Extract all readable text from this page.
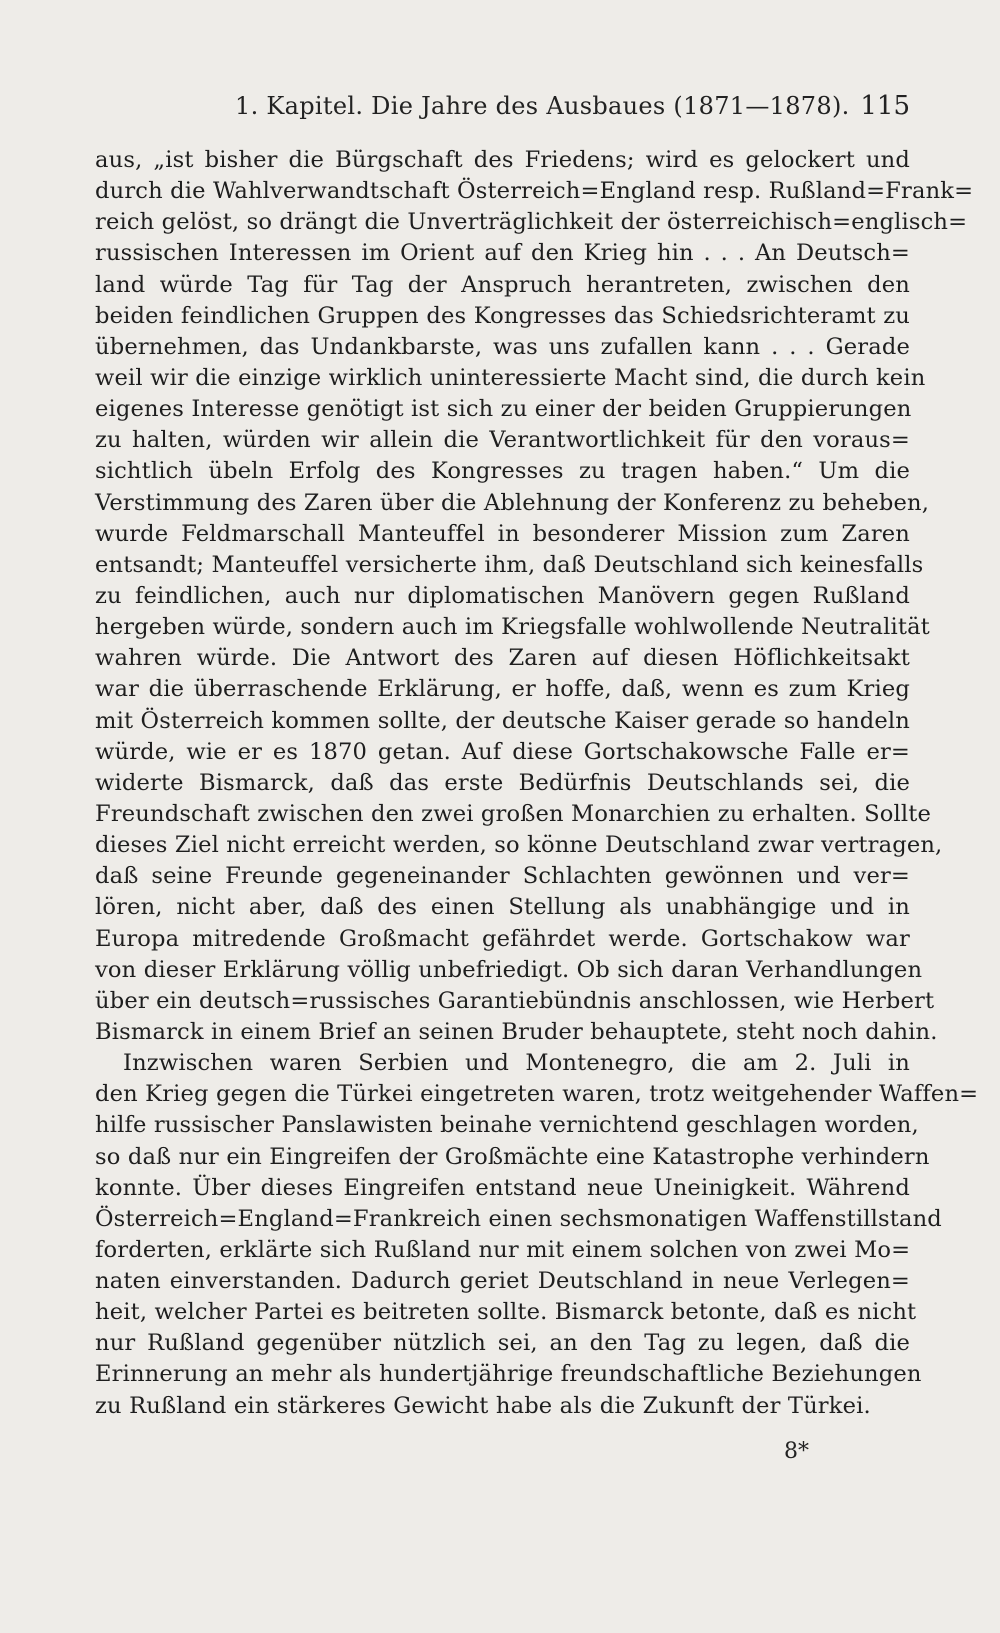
1. Kapitel. Die Jahre des Ausbaues (1871—1878). 115
aus, „ist bisher die Bürgschaft des Friedens; wird es gelockert und
durch die Wahlverwandtschaft Österreich=England resp. Rußland=Frank=
reich gelöst, so drängt die Unverträglichkeit der österreichisch=englisch=
russischen Interessen im Orient auf den Krieg hin . . . An Deutsch=
land würde Tag für Tag der Anspruch herantreten, zwischen den
beiden feindlichen Gruppen des Kongresses das Schiedsrichteramt zu
übernehmen, das Undankbarste, was uns zufallen kann . . . Gerade
weil wir die einzige wirklich uninteressierte Macht sind, die durch kein
eigenes Interesse genötigt ist sich zu einer der beiden Gruppierungen
zu halten, würden wir allein die Verantwortlichkeit für den voraus=
sichtlich übeln Erfolg des Kongresses zu tragen haben.“ Um die
Verstimmung des Zaren über die Ablehnung der Konferenz zu beheben,
wurde Feldmarschall Manteuffel in besonderer Mission zum Zaren
entsandt; Manteuffel versicherte ihm, daß Deutschland sich keinesfalls
zu feindlichen, auch nur diplomatischen Manövern gegen Rußland
hergeben würde, sondern auch im Kriegsfalle wohlwollende Neutralität
wahren würde. Die Antwort des Zaren auf diesen Höflichkeitsakt
war die überraschende Erklärung, er hoffe, daß, wenn es zum Krieg
mit Österreich kommen sollte, der deutsche Kaiser gerade so handeln
würde, wie er es 1870 getan. Auf diese Gortschakowsche Falle er=
widerte Bismarck, daß das erste Bedürfnis Deutschlands sei, die
Freundschaft zwischen den zwei großen Monarchien zu erhalten. Sollte
dieses Ziel nicht erreicht werden, so könne Deutschland zwar vertragen,
daß seine Freunde gegeneinander Schlachten gewönnen und ver=
lören, nicht aber, daß des einen Stellung als unabhängige und in
Europa mitredende Großmacht gefährdet werde. Gortschakow war
von dieser Erklärung völlig unbefriedigt. Ob sich daran Verhandlungen
über ein deutsch=russisches Garantiebündnis anschlossen, wie Herbert
Bismarck in einem Brief an seinen Bruder behauptete, steht noch dahin.
Inzwischen waren Serbien und Montenegro, die am 2. Juli in
den Krieg gegen die Türkei eingetreten waren, trotz weitgehender Waffen=
hilfe russischer Panslawisten beinahe vernichtend geschlagen worden,
so daß nur ein Eingreifen der Großmächte eine Katastrophe verhindern
konnte. Über dieses Eingreifen entstand neue Uneinigkeit. Während
Österreich=England=Frankreich einen sechsmonatigen Waffenstillstand
forderten, erklärte sich Rußland nur mit einem solchen von zwei Mo=
naten einverstanden. Dadurch geriet Deutschland in neue Verlegen=
heit, welcher Partei es beitreten sollte. Bismarck betonte, daß es nicht
nur Rußland gegenüber nützlich sei, an den Tag zu legen, daß die
Erinnerung an mehr als hundertjährige freundschaftliche Beziehungen
zu Rußland ein stärkeres Gewicht habe als die Zukunft der Türkei.
8*
